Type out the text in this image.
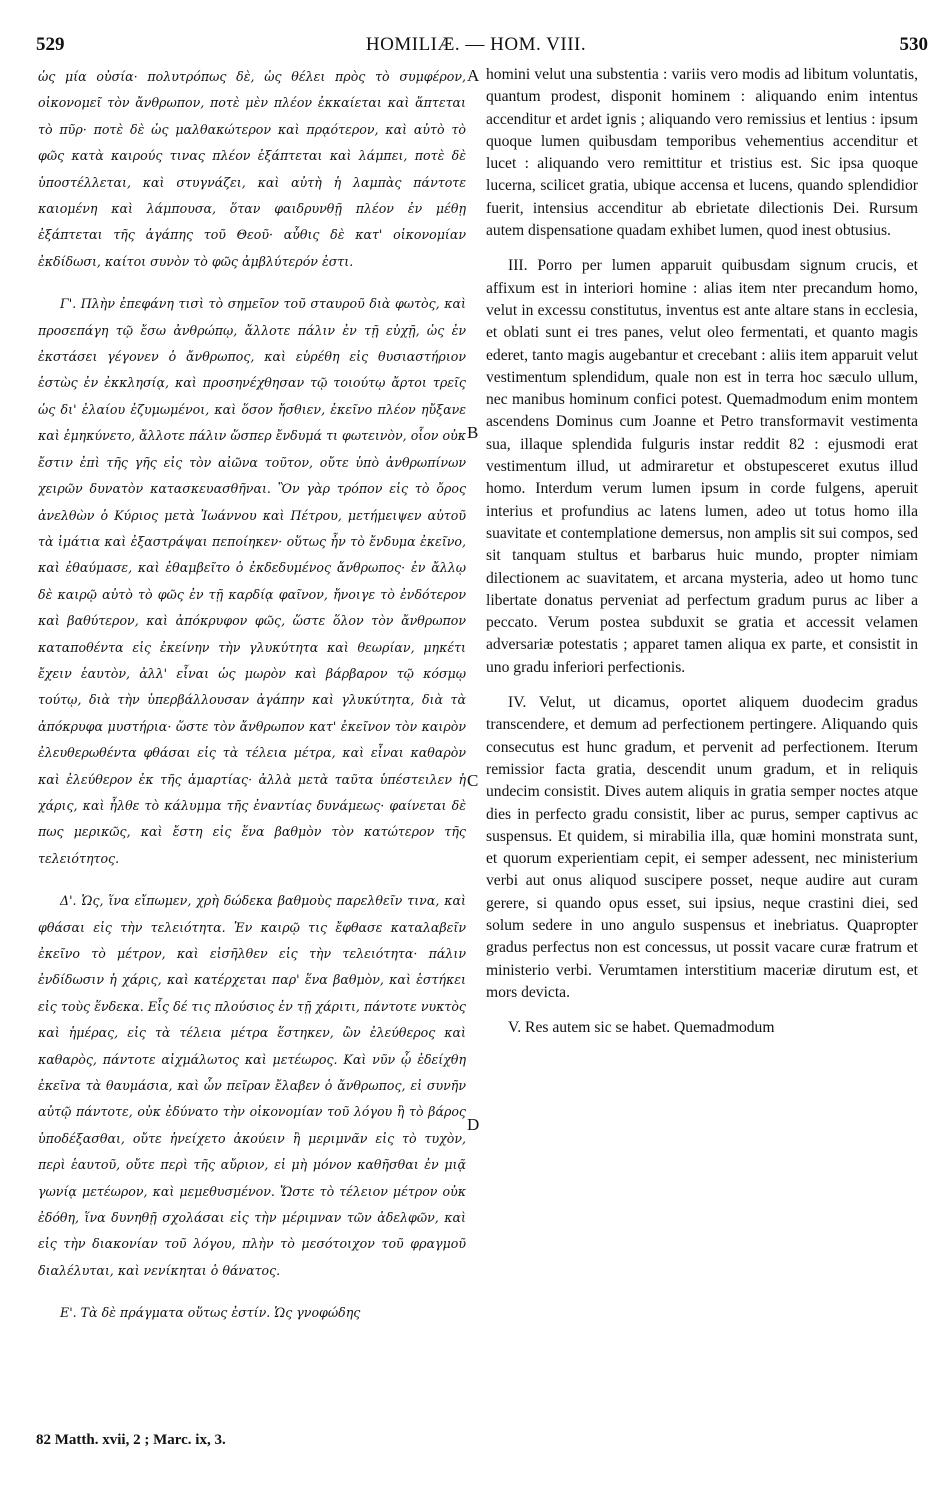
529	HOMILIÆ. — HOM. VIII.	530

ὡς μία οὐσία· πολυτρόπως δὲ, ὡς θέλει πρὸς τὸ συμφέρον, οἰκονομεῖ τὸν ἄνθρωπον, ποτὲ μὲν πλέον ἐκκαίεται καὶ ἅπτεται τὸ πῦρ· ποτὲ δὲ ὡς μαλθακώτερον καὶ πρᾳότερον, καὶ αὐτὸ τὸ φῶς κατὰ καιρούς τινας πλέον ἐξάπτεται καὶ λάμπει, ποτὲ δὲ ὑποστέλλεται, καὶ στυγνάζει, καὶ αὐτὴ ἡ λαμπὰς πάντοτε καιομένη καὶ λάμπουσα, ὅταν φαιδρυνθῇ πλέον ἐν μέθῃ ἐξάπτεται τῆς ἀγάπης τοῦ Θεοῦ· αὖθις δὲ κατ' οἰκονομίαν ἐκδίδωσι, καίτοι συνὸν τὸ φῶς ἀμβλύτερόν ἐστι.

Γ'. Πλὴν ἐπεφάνη τισὶ τὸ σημεῖον τοῦ σταυροῦ διὰ φωτὸς, καὶ προσεπάγη τῷ ἔσω ἀνθρώπῳ, ἄλλοτε πάλιν ἐν τῇ εὐχῇ, ὡς ἐν ἐκστάσει γέγονεν ὁ ἄνθρωπος, καὶ εὑρέθη εἰς θυσιαστήριον ἑστὼς ἐν ἐκκλησίᾳ, καὶ προσηνέχθησαν τῷ τοιούτῳ ἄρτοι τρεῖς ὡς δι' ἐλαίου ἐζυμωμένοι, καὶ ὅσον ἤσθιεν, ἐκεῖνο πλέον ηὔξανε καὶ ἐμηκύνετο, ἄλλοτε πάλιν ὥσπερ ἔνδυμά τι φωτεινὸν, οἷον οὐκ ἔστιν ἐπὶ τῆς γῆς εἰς τὸν αἰῶνα τοῦτον, οὔτε ὑπὸ ἀνθρωπίνων χειρῶν δυνατὸν κατασκευασθῆναι. Ὃν γὰρ τρόπον εἰς τὸ ὄρος ἀνελθὼν ὁ Κύριος μετὰ Ἰωάννου καὶ Πέτρου, μετήμειψεν αὐτοῦ τὰ ἱμάτια καὶ ἐξαστράψαι πεποίηκεν· οὕτως ἦν τὸ ἔνδυμα ἐκεῖνο, καὶ ἐθαύμασε, καὶ ἐθαμβεῖτο ὁ ἐκδεδυμένος ἄνθρωπος· ἐν ἄλλῳ δὲ καιρῷ αὐτὸ τὸ φῶς ἐν τῇ καρδίᾳ φαῖνον, ἤνοιγε τὸ ἐνδότερον καὶ βαθύτερον, καὶ ἀπόκρυφον φῶς, ὥστε ὅλον τὸν ἄνθρωπον καταποθέντα εἰς ἐκείνην τὴν γλυκύτητα καὶ θεωρίαν, μηκέτι ἔχειν ἑαυτὸν, ἀλλ' εἶναι ὡς μωρὸν καὶ βάρβαρον τῷ κόσμῳ τούτῳ, διὰ τὴν ὑπερβάλλουσαν ἀγάπην καὶ γλυκύτητα, διὰ τὰ ἀπόκρυφα μυστήρια· ὥστε τὸν ἄνθρωπον κατ' ἐκεῖνον τὸν καιρὸν ἐλευθερωθέντα φθάσαι εἰς τὰ τέλεια μέτρα, καὶ εἶναι καθαρὸν καὶ ἐλεύθερον ἐκ τῆς ἁμαρτίας· ἀλλὰ μετὰ ταῦτα ὑπέστειλεν ἡ χάρις, καὶ ἦλθε τὸ κάλυμμα τῆς ἐναντίας δυνάμεως· φαίνεται δὲ πως μερικῶς, καὶ ἔστη εἰς ἕνα βαθμὸν τὸν κατώτερον τῆς τελειότητος.

Δ'. Ὡς, ἵνα εἴπωμεν, χρὴ δώδεκα βαθμοὺς παρελθεῖν τινα, καὶ φθάσαι εἰς τὴν τελειότητα. Ἐν καιρῷ τις ἔφθασε καταλαβεῖν ἐκεῖνο τὸ μέτρον, καὶ εἰσῆλθεν εἰς τὴν τελειότητα· πάλιν ἐνδίδωσιν ἡ χάρις, καὶ κατέρχεται παρ' ἕνα βαθμὸν, καὶ ἑστήκει εἰς τοὺς ἕνδεκα. Εἷς δέ τις πλούσιος ἐν τῇ χάριτι, πάντοτε νυκτὸς καὶ ἡμέρας, εἰς τὰ τέλεια μέτρα ἕστηκεν, ὢν ἐλεύθερος καὶ καθαρὸς, πάντοτε αἰχμάλωτος καὶ μετέωρος. Καὶ νῦν ᾧ ἐδείχθη ἐκεῖνα τὰ θαυμάσια, καὶ ὧν πεῖραν ἔλαβεν ὁ ἄνθρωπος, εἰ συνῆν αὐτῷ πάντοτε, οὐκ ἐδύνατο τὴν οἰκονομίαν τοῦ λόγου ἢ τὸ βάρος ὑποδέξασθαι, οὔτε ἠνείχετο ἀκούειν ἢ μεριμνᾶν εἰς τὸ τυχὸν, περὶ ἑαυτοῦ, οὔτε περὶ τῆς αὔριον, εἰ μὴ μόνον καθῆσθαι ἐν μιᾷ γωνίᾳ μετέωρον, καὶ μεμεθυσμένον. Ὥστε τὸ τέλειον μέτρον οὐκ ἐδόθη, ἵνα δυνηθῇ σχολάσαι εἰς τὴν μέριμναν τῶν ἀδελφῶν, καὶ εἰς τὴν διακονίαν τοῦ λόγου, πλὴν τὸ μεσότοιχον τοῦ φραγμοῦ διαλέλυται, καὶ νενίκηται ὁ θάνατος.

Ε'. Τὰ δὲ πράγματα οὕτως ἐστίν. Ὡς γνοφώδης

A
B
C
D

homini velut una substentia : variis vero modis ad libitum voluntatis, quantum prodest, disponit hominem : aliquando enim intentus accenditur et ardet ignis ; aliquando vero remissius et lentius : ipsum quoque lumen quibusdam temporibus vehementius accenditur et lucet : aliquando vero remittitur et tristius est. Sic ipsa quoque lucerna, scilicet gratia, ubique accensa et lucens, quando splendidior fuerit, intensius accenditur ab ebrietate dilectionis Dei. Rursum autem dispensatione quadam exhibet lumen, quod inest obtusius.

III. Porro per lumen apparuit quibusdam signum crucis, et affixum est in interiori homine : alias item nter precandum homo, velut in excessu constitutus, inventus est ante altare stans in ecclesia, et oblati sunt ei tres panes, velut oleo fermentati, et quanto magis ederet, tanto magis augebantur et crecebant : aliis item apparuit velut vestimentum splendidum, quale non est in terra hoc sæculo ullum, nec manibus hominum confici potest. Quemadmodum enim montem ascendens Dominus cum Joanne et Petro transformavit vestimenta sua, illaque splendida fulguris instar reddit 82 : ejusmodi erat vestimentum illud, ut admiraretur et obstupesceret exutus illud homo. Interdum verum lumen ipsum in corde fulgens, aperuit interius et profundius ac latens lumen, adeo ut totus homo illa suavitate et contemplatione demersus, non amplis sit sui compos, sed sit tanquam stultus et barbarus huic mundo, propter nimiam dilectionem ac suavitatem, et arcana mysteria, adeo ut homo tunc libertate donatus perveniat ad perfectum gradum purus ac liber a peccato. Verum postea subduxit se gratia et accessit velamen adversariæ potestatis ; apparet tamen aliqua ex parte, et consistit in uno gradu inferiori perfectionis.

IV. Velut, ut dicamus, oportet aliquem duodecim gradus transcendere, et demum ad perfectionem pertingere. Aliquando quis consecutus est hunc gradum, et pervenit ad perfectionem. Iterum remissior facta gratia, descendit unum gradum, et in reliquis undecim consistit. Dives autem aliquis in gratia semper noctes atque dies in perfecto gradu consistit, liber ac purus, semper captivus ac suspensus. Et quidem, si mirabilia illa, quæ homini monstrata sunt, et quorum experientiam cepit, ei semper adessent, nec ministerium verbi aut onus aliquod suscipere posset, neque audire aut curam gerere, si quando opus esset, sui ipsius, neque crastini diei, sed solum sedere in uno angulo suspensus et inebriatus. Quapropter gradus perfectus non est concessus, ut possit vacare curæ fratrum et ministerio verbi. Verumtamen interstitium maceriæ dirutum est, et mors devicta.

V. Res autem sic se habet. Quemadmodum

82 Matth. xvii, 2 ; Marc. ix, 3.
